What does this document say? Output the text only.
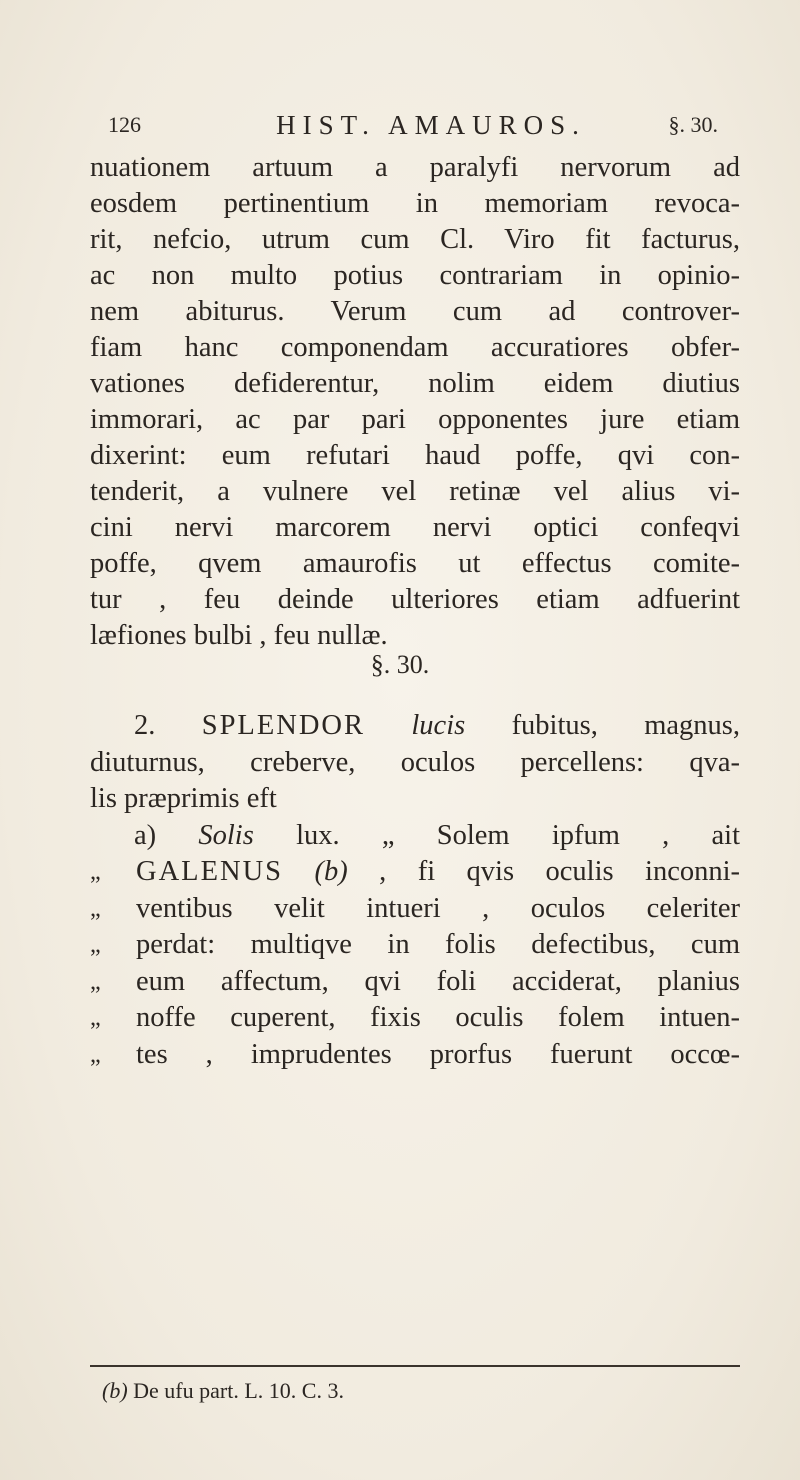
126	HIST. AMAUROS.	§. 30.
nuationem artuum a paralyfi nervorum ad
eosdem pertinentium in memoriam revoca-
rit, nefcio, utrum cum Cl. Viro fit facturus,
ac non multo potius contrariam in opinio-
nem abiturus. Verum cum ad controver-
fiam hanc componendam accuratiores obfer-
vationes defiderentur, nolim eidem diutius
immorari, ac par pari opponentes jure etiam
dixerint: eum refutari haud poffe, qvi con-
tenderit, a vulnere vel retinæ vel alius vi-
cini nervi marcorem nervi optici confeqvi
poffe, qvem amaurofis ut effectus comite-
tur , feu deinde ulteriores etiam adfuerint
læfiones bulbi , feu nullæ.
§. 30.
2. SPLENDOR lucis fubitus, magnus,
diuturnus, creberve, oculos percellens: qva-
lis præprimis eft
a) Solis lux. „ Solem ipfum , ait
„	GALENUS (b) , fi qvis oculis inconni-
„	ventibus velit intueri , oculos celeriter
„	perdat: multiqve in folis defectibus, cum
„	eum affectum, qvi foli acciderat, planius
„	noffe cuperent, fixis oculis folem intuen-
„	tes , imprudentes prorfus fuerunt occœ-
(b) De ufu part. L. 10. C. 3.
